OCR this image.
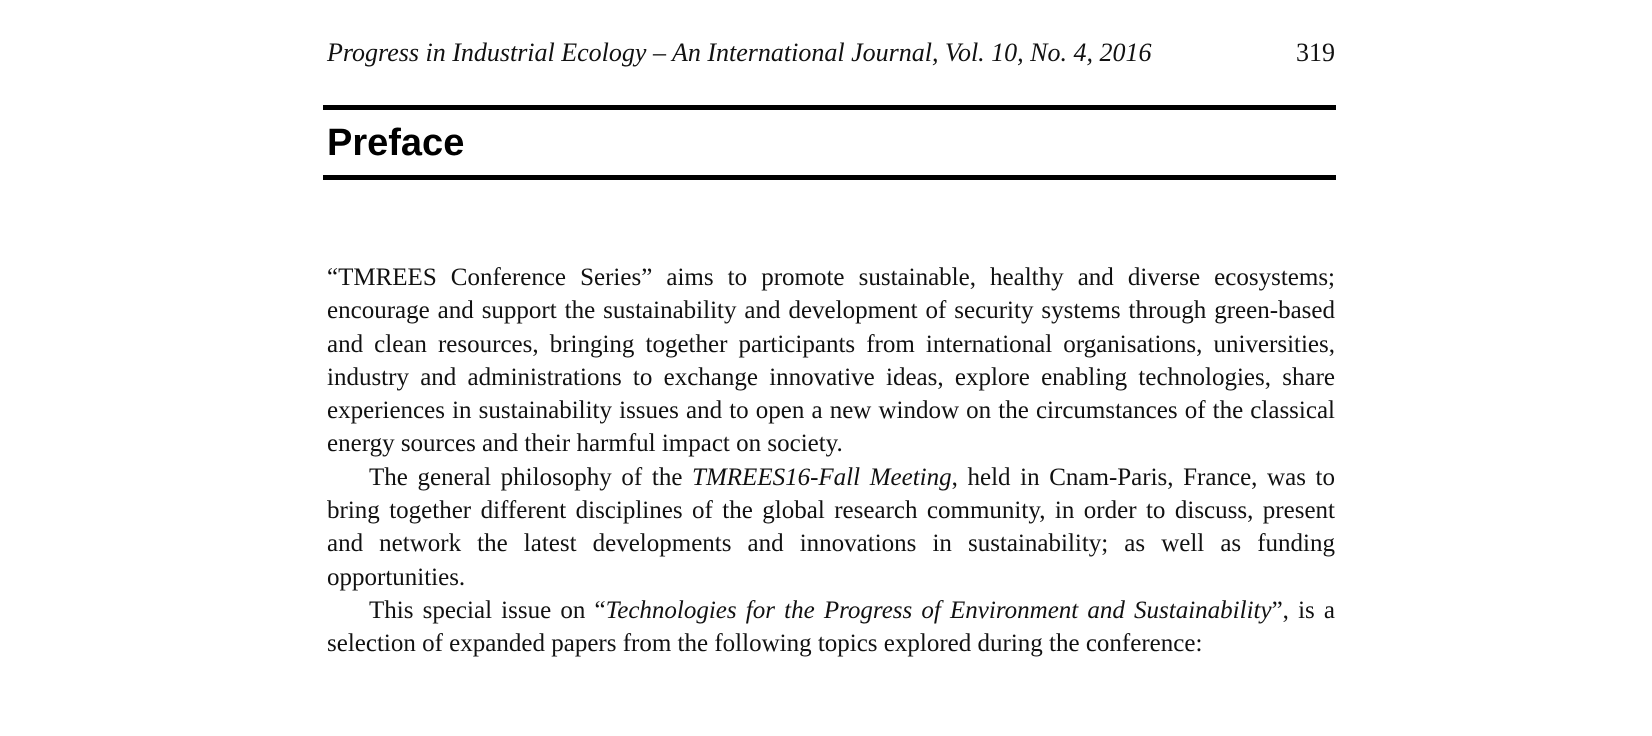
Progress in Industrial Ecology – An International Journal, Vol. 10, No. 4, 2016	319
Preface

“TMREES Conference Series” aims to promote sustainable, healthy and diverse ecosystems; encourage and support the sustainability and development of security systems through green-based and clean resources, bringing together participants from international organisations, universities, industry and administrations to exchange innovative ideas, explore enabling technologies, share experiences in sustainability issues and to open a new window on the circumstances of the classical energy sources and their harmful impact on society.

The general philosophy of the TMREES16-Fall Meeting, held in Cnam-Paris, France, was to bring together different disciplines of the global research community, in order to discuss, present and network the latest developments and innovations in sustainability; as well as funding opportunities.

This special issue on “Technologies for the Progress of Environment and Sustainability”, is a selection of expanded papers from the following topics explored during the conference:
